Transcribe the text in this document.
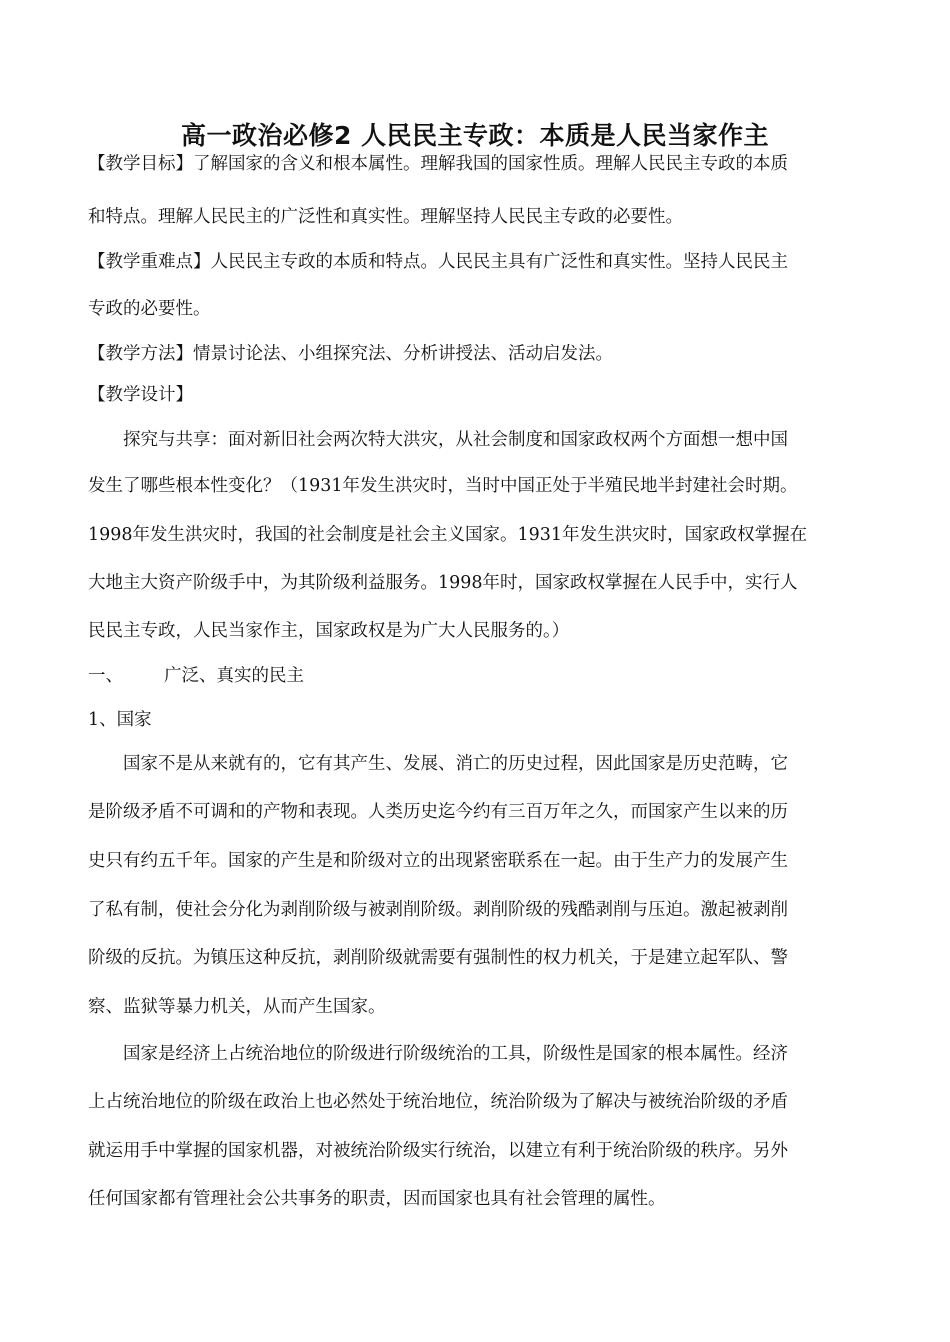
高一政治必修2 人民民主专政：本质是人民当家作主
【教学目标】了解国家的含义和根本属性。理解我国的国家性质。理解人民民主专政的本质
和特点。理解人民民主的广泛性和真实性。理解坚持人民民主专政的必要性。
【教学重难点】人民民主专政的本质和特点。人民民主具有广泛性和真实性。坚持人民民主
专政的必要性。
【教学方法】情景讨论法、小组探究法、分析讲授法、活动启发法。
【教学设计】
　　探究与共享：面对新旧社会两次特大洪灾，从社会制度和国家政权两个方面想一想中国
发生了哪些根本性变化？（1931年发生洪灾时，当时中国正处于半殖民地半封建社会时期。
1998年发生洪灾时，我国的社会制度是社会主义国家。1931年发生洪灾时，国家政权掌握在
大地主大资产阶级手中，为其阶级利益服务。1998年时，国家政权掌握在人民手中，实行人
民民主专政，人民当家作主，国家政权是为广大人民服务的。）
一、 广泛、真实的民主
1、国家
　　国家不是从来就有的，它有其产生、发展、消亡的历史过程，因此国家是历史范畴，它
是阶级矛盾不可调和的产物和表现。人类历史迄今约有三百万年之久，而国家产生以来的历
史只有约五千年。国家的产生是和阶级对立的出现紧密联系在一起。由于生产力的发展产生
了私有制，使社会分化为剥削阶级与被剥削阶级。剥削阶级的残酷剥削与压迫。激起被剥削
阶级的反抗。为镇压这种反抗，剥削阶级就需要有强制性的权力机关，于是建立起军队、警
察、监狱等暴力机关，从而产生国家。
　　国家是经济上占统治地位的阶级进行阶级统治的工具，阶级性是国家的根本属性。经济
上占统治地位的阶级在政治上也必然处于统治地位，统治阶级为了解决与被统治阶级的矛盾
就运用手中掌握的国家机器，对被统治阶级实行统治，以建立有利于统治阶级的秩序。另外
任何国家都有管理社会公共事务的职责，因而国家也具有社会管理的属性。
